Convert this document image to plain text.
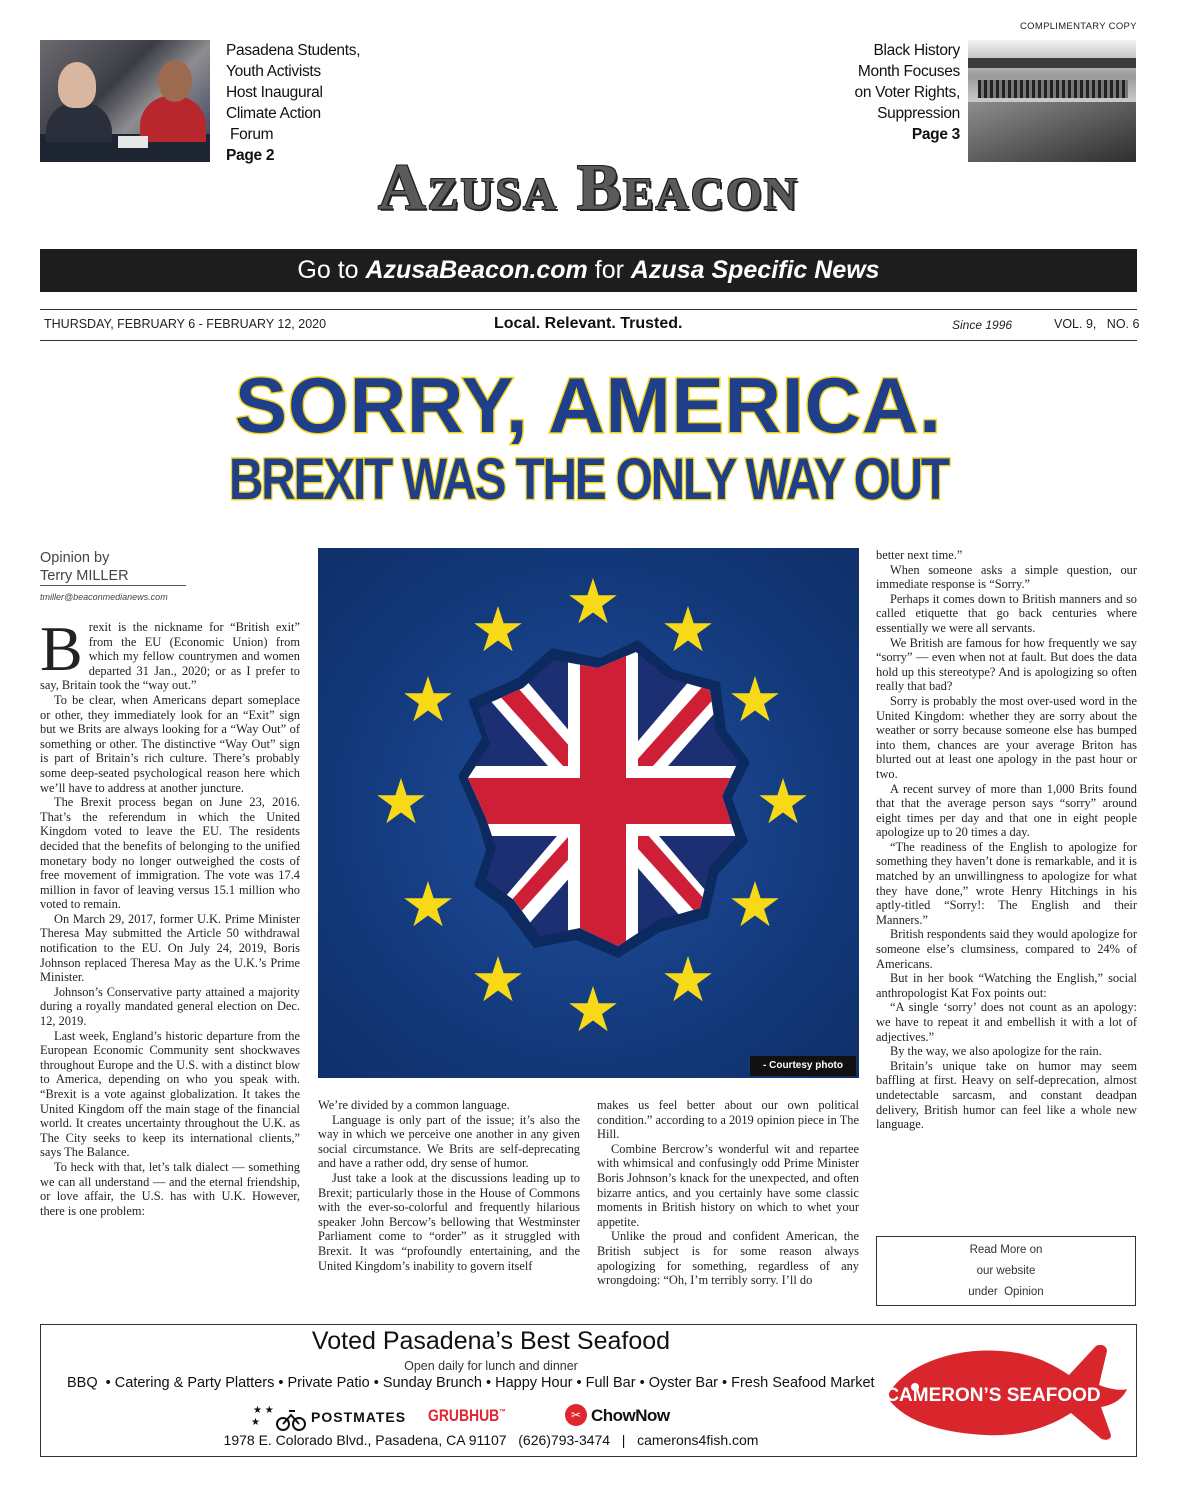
Pasadena Students,
Youth Activists
Host Inaugural
Climate Action
Forum
Page 2
COMPLIMENTARY COPY
Black History
Month Focuses
on Voter Rights,
Suppression
Page 3
Azusa Beacon
Go to AzusaBeacon.com for Azusa Specific News
THURSDAY, FEBRUARY 6 - FEBRUARY 12, 2020	Local. Relevant. Trusted.	Since 1996	VOL. 9,   NO. 6
SORRY, AMERICA.
BREXIT WAS THE ONLY WAY OUT
Opinion by
Terry MILLER
tmiller@beaconmedianews.com

Brexit is the nickname for “British exit” from the EU (Economic Union) from which my fellow countrymen and women departed 31 Jan., 2020; or as I prefer to say, Britain took the “way out.”

To be clear, when Americans depart someplace or other, they immediately look for an “Exit” sign but we Brits are always looking for a “Way Out” of something or other. The distinctive “Way Out” sign is part of Britain’s rich culture. There’s probably some deep-seated psychological reason here which we’ll have to address at another juncture.

The Brexit process began on June 23, 2016. That’s the referendum in which the United Kingdom voted to leave the EU. The residents decided that the benefits of belonging to the unified monetary body no longer outweighed the costs of free movement of immigration. The vote was 17.4 million in favor of leaving versus 15.1 million who voted to remain.

On March 29, 2017, former U.K. Prime Minister Theresa May submitted the Article 50 withdrawal notification to the EU. On July 24, 2019, Boris Johnson replaced Theresa May as the U.K.’s Prime Minister.

Johnson’s Conservative party attained a majority during a royally mandated general election on Dec. 12, 2019.

Last week, England’s historic departure from the European Economic Community sent shockwaves throughout Europe and the U.S. with a distinct blow to America, depending on who you speak with. “Brexit is a vote against globalization. It takes the United Kingdom off the main stage of the financial world. It creates uncertainty throughout the U.K. as The City seeks to keep its international clients,” says The Balance.

To heck with that, let’s talk dialect — something we can all understand — and the eternal friendship, or love affair, the U.S. has with U.K. However, there is one problem:

- Courtesy photo

We’re divided by a common language.

Language is only part of the issue; it’s also the way in which we perceive one another in any given social circumstance. We Brits are self-deprecating and have a rather odd, dry sense of humor.

Just take a look at the discussions leading up to Brexit; particularly those in the House of Commons with the ever-so-colorful and frequently hilarious speaker John Bercow’s bellowing that Westminster Parliament come to “order” as it struggled with Brexit. It was “profoundly entertaining, and the United Kingdom’s inability to govern itself

makes us feel better about our own political condition.” according to a 2019 opinion piece in The Hill.

Combine Bercrow’s wonderful wit and repartee with whimsical and confusingly odd Prime Minister Boris Johnson’s knack for the unexpected, and often bizarre antics, and you certainly have some classic moments in British history on which to whet your appetite.

Unlike the proud and confident American, the British subject is for some reason always apologizing for something, regardless of any wrongdoing: “Oh, I’m terribly sorry. I’ll do

better next time.”

When someone asks a simple question, our immediate response is “Sorry.”

Perhaps it comes down to British manners and so called etiquette that go back centuries where essentially we were all servants.

We British are famous for how frequently we say “sorry” — even when not at fault. But does the data hold up this stereotype? And is apologizing so often really that bad?

Sorry is probably the most over-used word in the United Kingdom: whether they are sorry about the weather or sorry because someone else has bumped into them, chances are your average Briton has blurted out at least one apology in the past hour or two.

A recent survey of more than 1,000 Brits found that that the average person says “sorry” around eight times per day and that one in eight people apologize up to 20 times a day.

“The readiness of the English to apologize for something they haven’t done is remarkable, and it is matched by an unwillingness to apologize for what they have done,” wrote Henry Hitchings in his aptly-titled “Sorry!: The English and their Manners.”

British respondents said they would apologize for someone else’s clumsiness, compared to 24% of Americans.

But in her book “Watching the English,” social anthropologist Kat Fox points out:

“A single ‘sorry’ does not count as an apology: we have to repeat it and embellish it with a lot of adjectives.”

By the way, we also apologize for the rain.

Britain’s unique take on humor may seem baffling at first. Heavy on self-deprecation, almost undetectable sarcasm, and constant deadpan delivery, British humor can feel like a whole new language.

Read More on
our website
under  Opinion
Voted Pasadena’s Best Seafood
Open daily for lunch and dinner
BBQ  • Catering & Party Platters • Private Patio • Sunday Brunch • Happy Hour • Full Bar • Oyster Bar • Fresh Seafood Market
★ ★
★	POSTMATES GRUBHUB™	✂ ChowNow
1978 E. Colorado Blvd., Pasadena, CA 91107   (626)793-3474   |   camerons4fish.com
CAMERON’S SEAFOOD
